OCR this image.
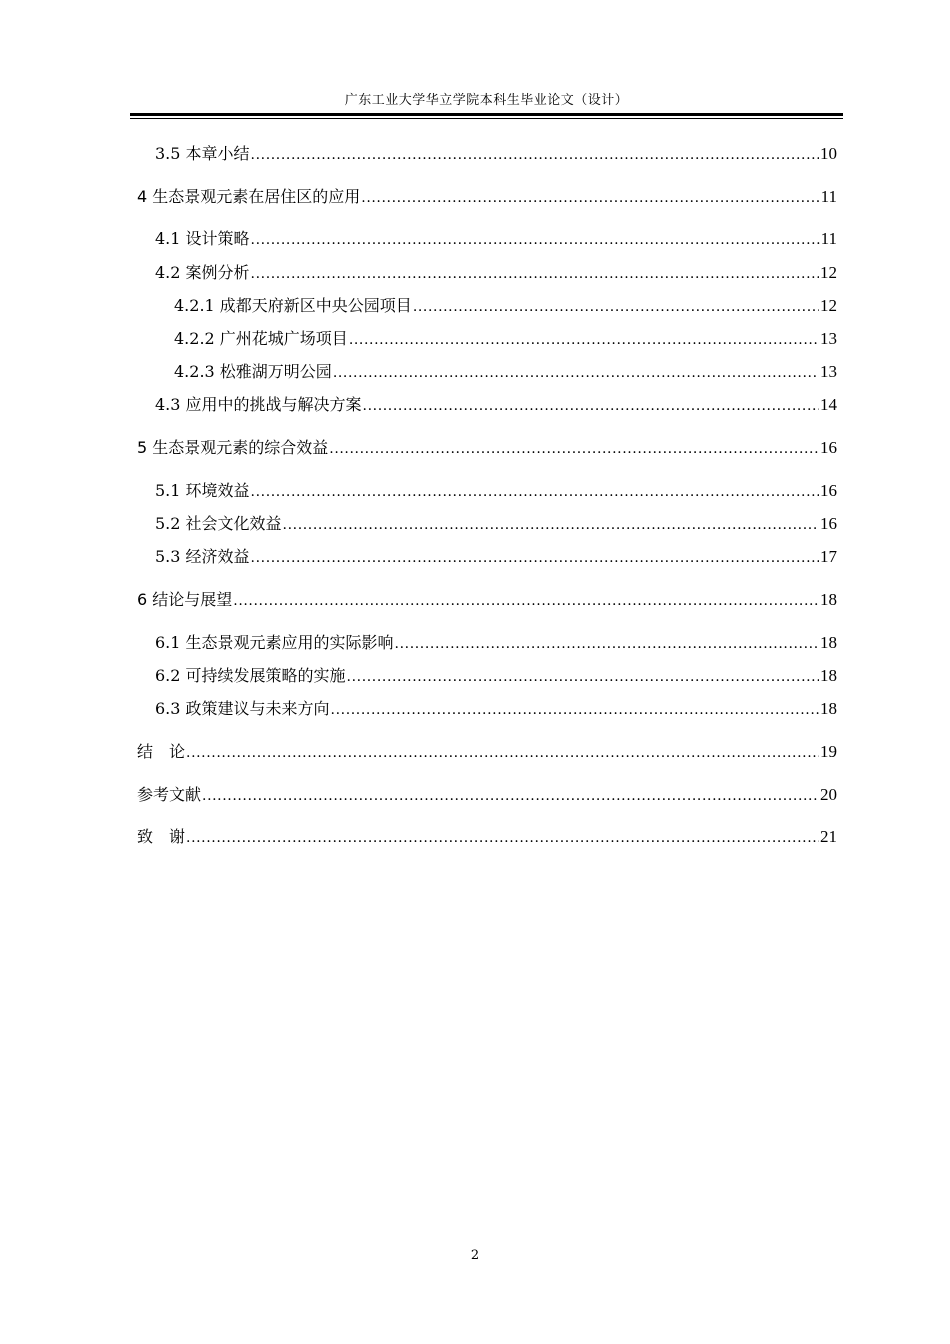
广东工业大学华立学院本科生毕业论文（设计）
3.5 本章小结 .....	10
4 生态景观元素在居住区的应用 .....	11
4.1 设计策略 .....	11
4.2 案例分析 .....	12
4.2.1 成都天府新区中央公园项目 .....	12
4.2.2 广州花城广场项目 .....	13
4.2.3 松雅湖万明公园 .....	13
4.3 应用中的挑战与解决方案 .....	14
5 生态景观元素的综合效益 .....	16
5.1 环境效益 .....	16
5.2 社会文化效益 .....	16
5.3 经济效益 .....	17
6 结论与展望 .....	18
6.1 生态景观元素应用的实际影响 .....	18
6.2 可持续发展策略的实施 .....	18
6.3 政策建议与未来方向 .....	18
结　论 .....	19
参考文献 .....	20
致　谢 .....	21
2
